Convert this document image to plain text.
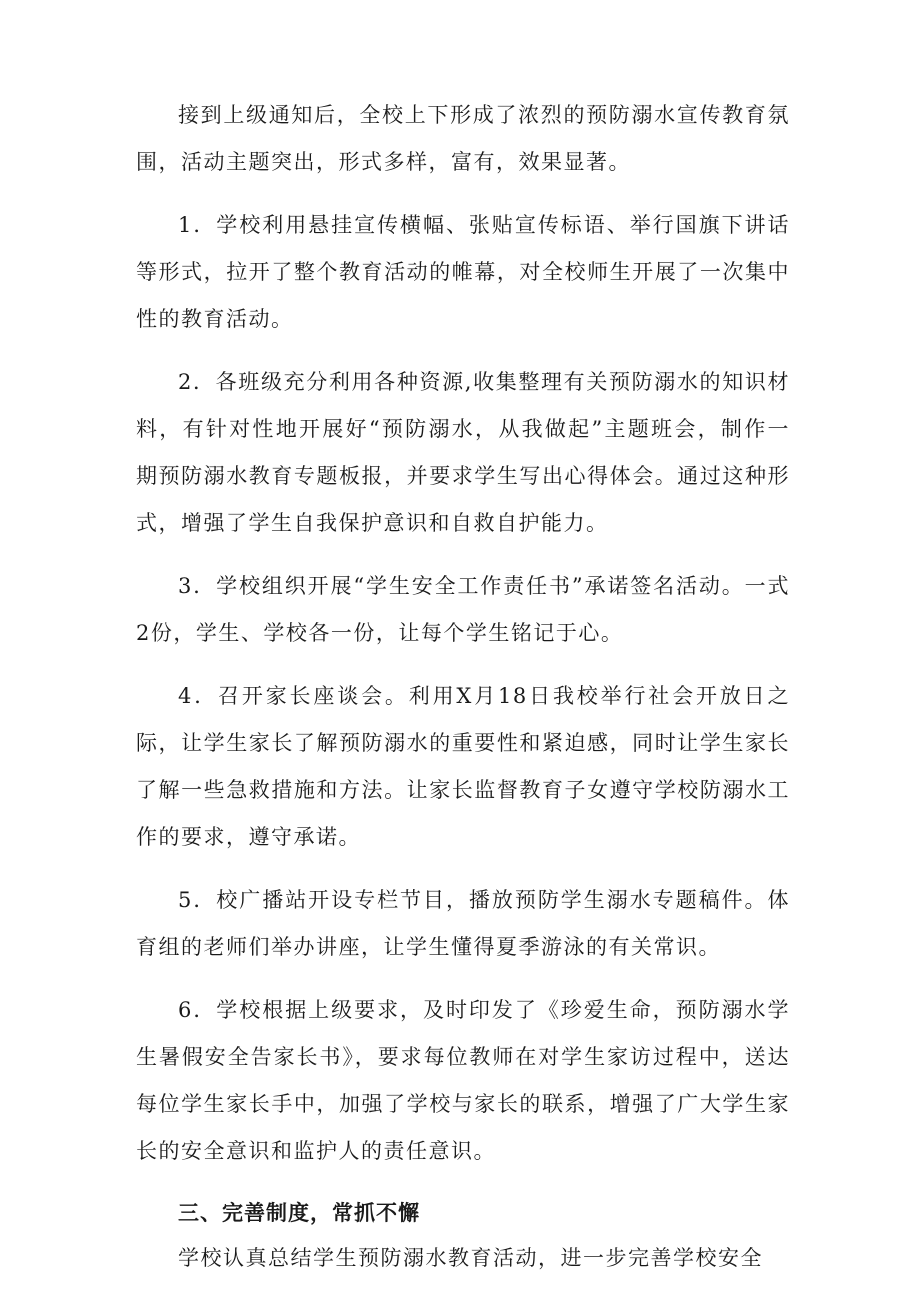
接到上级通知后，全校上下形成了浓烈的预防溺水宣传教育氛围，活动主题突出，形式多样，富有，效果显著。

1．学校利用悬挂宣传横幅、张贴宣传标语、举行国旗下讲话等形式，拉开了整个教育活动的帷幕，对全校师生开展了一次集中性的教育活动。

2．各班级充分利用各种资源,收集整理有关预防溺水的知识材料，有针对性地开展好“预防溺水，从我做起”主题班会，制作一期预防溺水教育专题板报，并要求学生写出心得体会。通过这种形式，增强了学生自我保护意识和自救自护能力。

3．学校组织开展“学生安全工作责任书”承诺签名活动。一式2份，学生、学校各一份，让每个学生铭记于心。

4．召开家长座谈会。利用X月18日我校举行社会开放日之际，让学生家长了解预防溺水的重要性和紧迫感，同时让学生家长了解一些急救措施和方法。让家长监督教育子女遵守学校防溺水工作的要求，遵守承诺。

5．校广播站开设专栏节目，播放预防学生溺水专题稿件。体育组的老师们举办讲座，让学生懂得夏季游泳的有关常识。

6．学校根据上级要求，及时印发了《珍爱生命，预防溺水学生暑假安全告家长书》，要求每位教师在对学生家访过程中，送达每位学生家长手中，加强了学校与家长的联系，增强了广大学生家长的安全意识和监护人的责任意识。

三、完善制度，常抓不懈

学校认真总结学生预防溺水教育活动，进一步完善学校安全
